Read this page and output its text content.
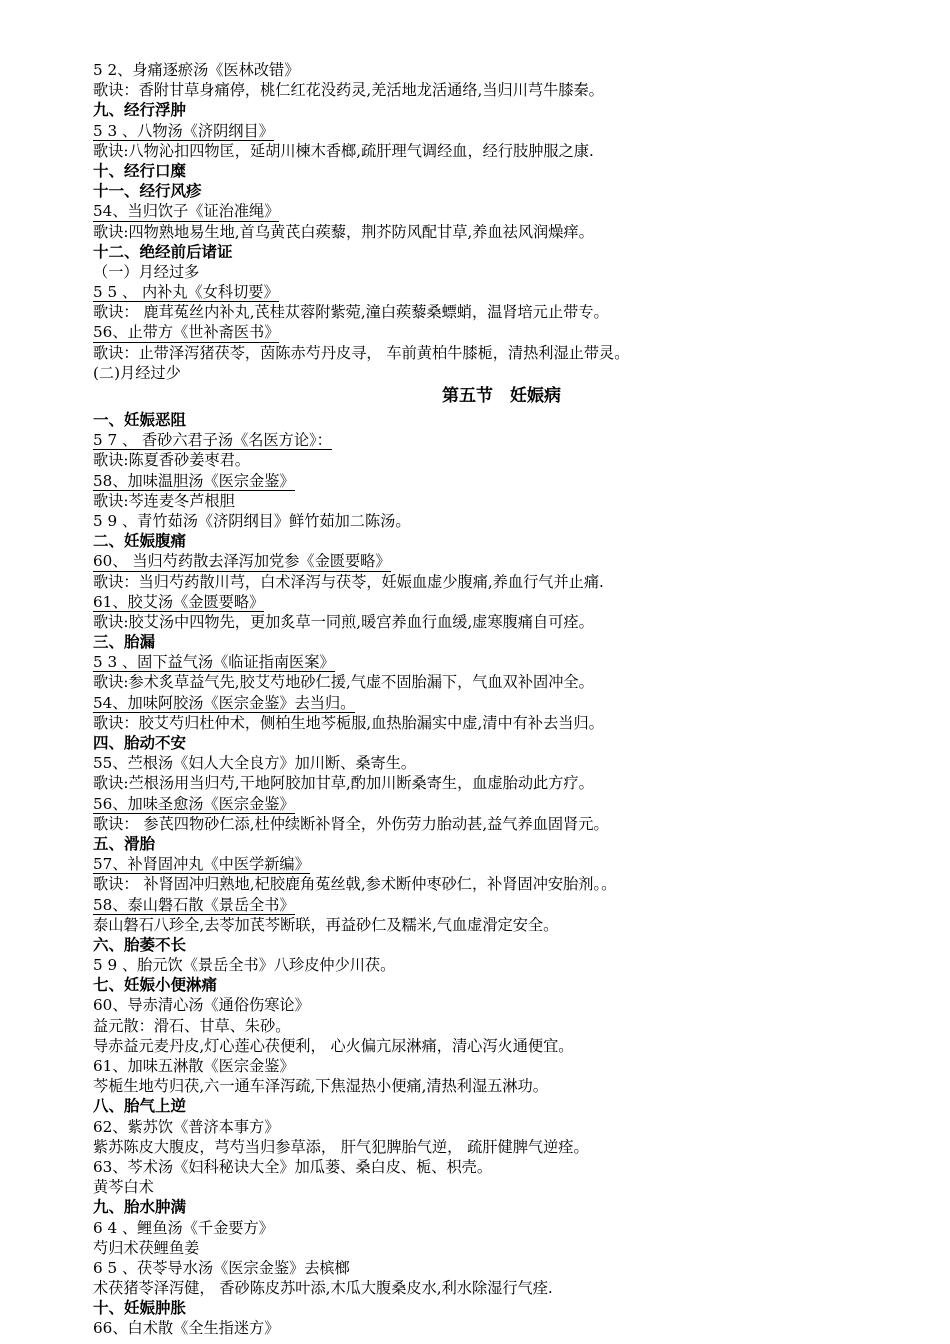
5 2、身痛逐瘀汤《医林改错》
歌诀：香附甘草身痛停，桃仁红花没药灵,羌活地龙活通络,当归川芎牛膝秦。
九、经行浮肿
5 3 、八物汤《济阴纲目》
歌诀:八物沁扣四物匡，延胡川楝木香榔,疏肝理气调经血，经行肢肿服之康.
十、经行口糜
十一、经行风疹
54、当归饮子《证治准绳》
歌诀:四物熟地易生地,首乌黄芪白蒺藜，荆芥防风配甘草,养血祛风润燥痒。
十二、绝经前后诸证
（一）月经过多
5 5 、 内补丸《女科切要》
歌诀： 鹿茸菟丝内补丸,芪桂苁蓉附紫菀,潼白蒺藜桑螵蛸，温肾培元止带专。
56、止带方《世补斋医书》
歌诀：止带泽泻猪茯苓，茵陈赤芍丹皮寻， 车前黄柏牛膝栀，清热利湿止带灵。
(二)月经过少
第五节　妊娠病
一、妊娠恶阻
5 7 、 香砂六君子汤《名医方论》：
歌诀:陈夏香砂姜枣君。
58、加味温胆汤《医宗金鉴》
歌诀:芩连麦冬芦根胆
5 9 、青竹茹汤《济阴纲目》鲜竹茹加二陈汤。
二、妊娠腹痛
60、 当归芍药散去泽泻加党参《金匮要略》
歌诀：当归芍药散川芎，白术泽泻与茯苓，妊娠血虚少腹痛,养血行气并止痛.
61、胶艾汤《金匮要略》
歌诀:胶艾汤中四物先，更加炙草一同煎,暖宫养血行血缓,虚寒腹痛自可痊。
三、胎漏
5 3 、固下益气汤《临证指南医案》
歌诀:参术炙草益气先,胶艾芍地砂仁援,气虚不固胎漏下，气血双补固冲全。
54、加味阿胶汤《医宗金鉴》去当归。
歌诀：胶艾芍归杜仲术，侧柏生地芩栀服,血热胎漏实中虚,清中有补去当归。
四、胎动不安
55、苎根汤《妇人大全良方》加川断、桑寄生。
歌诀:苎根汤用当归芍,干地阿胶加甘草,酌加川断桑寄生，血虚胎动此方疗。
56、加味圣愈汤《医宗金鉴》
歌诀： 参芪四物砂仁添,杜仲续断补肾全，外伤劳力胎动甚,益气养血固肾元。
五、滑胎
57、补肾固冲丸《中医学新编》
歌诀： 补肾固冲归熟地,杞胶鹿角菟丝戟,参术断仲枣砂仁，补肾固冲安胎剂。。
58、泰山磐石散《景岳全书》
泰山磐石八珍全,去苓加芪芩断联，再益砂仁及糯米,气血虚滑定安全。
六、胎萎不长
5 9 、胎元饮《景岳全书》八珍皮仲少川茯。
七、妊娠小便淋痛
60、导赤清心汤《通俗伤寒论》
益元散：滑石、甘草、朱砂。
导赤益元麦丹皮,灯心莲心茯便利， 心火偏亢尿淋痛，清心泻火通便宜。
61、加味五淋散《医宗金鉴》
芩栀生地芍归茯,六一通车泽泻疏,下焦湿热小便痛,清热利湿五淋功。
八、胎气上逆
62、紫苏饮《普济本事方》
紫苏陈皮大腹皮，芎芍当归参草添， 肝气犯脾胎气逆， 疏肝健脾气逆痊。
63、芩术汤《妇科秘诀大全》加瓜蒌、桑白皮、栀、枳壳。
黄芩白术
九、胎水肿满
6 4 、鲤鱼汤《千金要方》
芍归术茯鲤鱼姜
6 5 、茯苓导水汤《医宗金鉴》去槟榔
术茯猪苓泽泻健， 香砂陈皮苏叶添,木瓜大腹桑皮水,利水除湿行气痊.
十、妊娠肿胀
66、白术散《全生指迷方》
